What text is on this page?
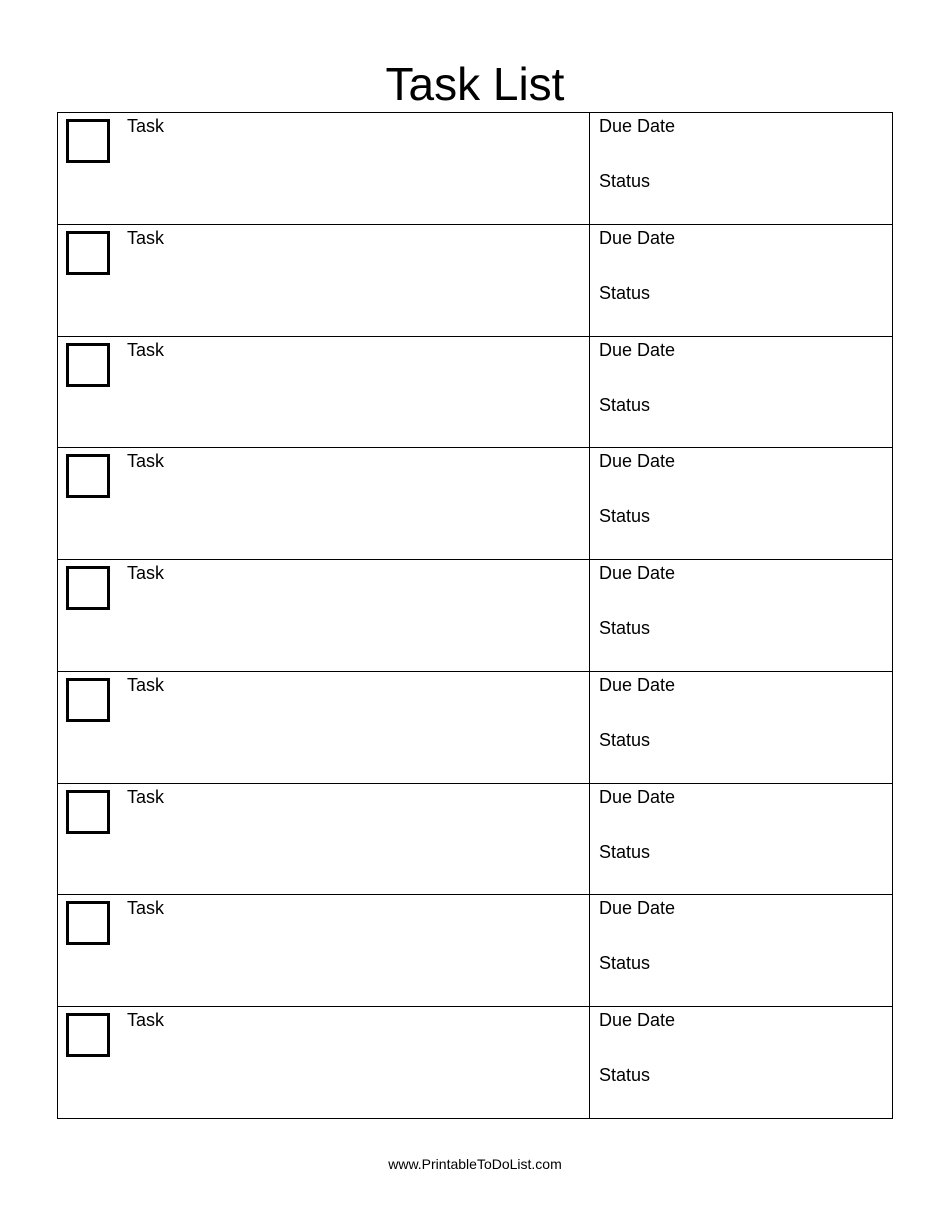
Task List
Task	Due Date
Status
Task	Due Date
Status
Task	Due Date
Status
Task	Due Date
Status
Task	Due Date
Status
Task	Due Date
Status
Task	Due Date
Status
Task	Due Date
Status
Task	Due Date
Status
www.PrintableToDoList.com
